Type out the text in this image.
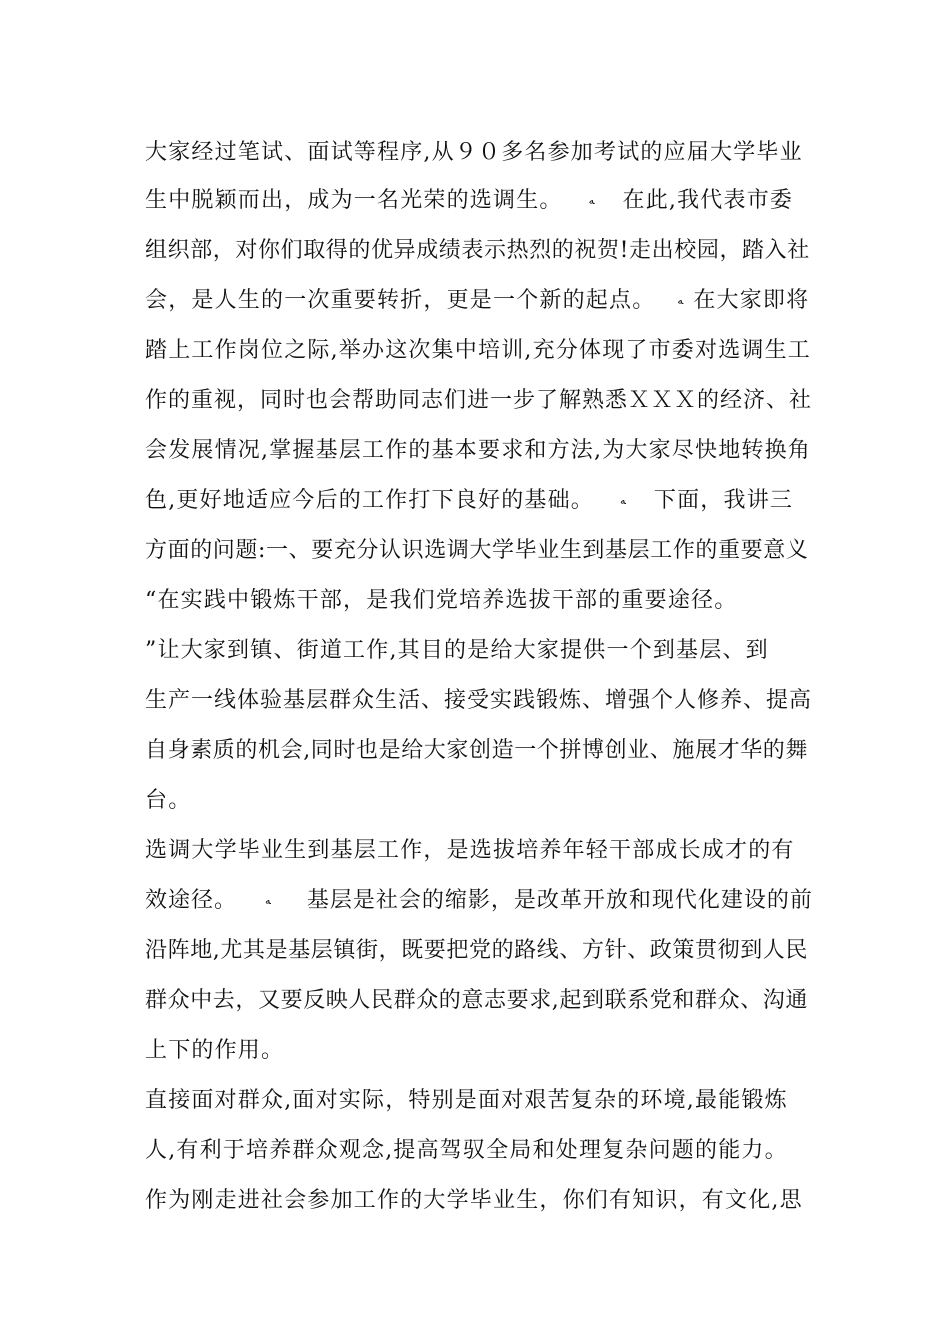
大家经过笔试、面试等程序,从９０多名参加考试的应届大学毕业
生中脱颖而出，成为一名光荣的选调生。 ﻪ 在此,我代表市委
组织部，对你们取得的优异成绩表示热烈的祝贺!走出校园，踏入社
会，是人生的一次重要转折，更是一个新的起点。 ﻪ 在大家即将
踏上工作岗位之际,举办这次集中培训,充分体现了市委对选调生工
作的重视，同时也会帮助同志们进一步了解熟悉ＸＸＸ的经济、社
会发展情况,掌握基层工作的基本要求和方法,为大家尽快地转换角
色,更好地适应今后的工作打下良好的基础。 ﻪ 下面，我讲三
方面的问题:一、要充分认识选调大学毕业生到基层工作的重要意义
“在实践中锻炼干部，是我们党培养选拔干部的重要途径。
”让大家到镇、街道工作,其目的是给大家提供一个到基层、到
生产一线体验基层群众生活、接受实践锻炼、增强个人修养、提高
自身素质的机会,同时也是给大家创造一个拼博创业、施展才华的舞
台。
选调大学毕业生到基层工作，是选拔培养年轻干部成长成才的有
效途径。	ﻪ 基层是社会的缩影，是改革开放和现代化建设的前
沿阵地,尤其是基层镇街，既要把党的路线、方针、政策贯彻到人民
群众中去，又要反映人民群众的意志要求,起到联系党和群众、沟通
上下的作用。
直接面对群众,面对实际，特别是面对艰苦复杂的环境,最能锻炼
人,有利于培养群众观念,提高驾驭全局和处理复杂问题的能力。
作为刚走进社会参加工作的大学毕业生，你们有知识，有文化,思
